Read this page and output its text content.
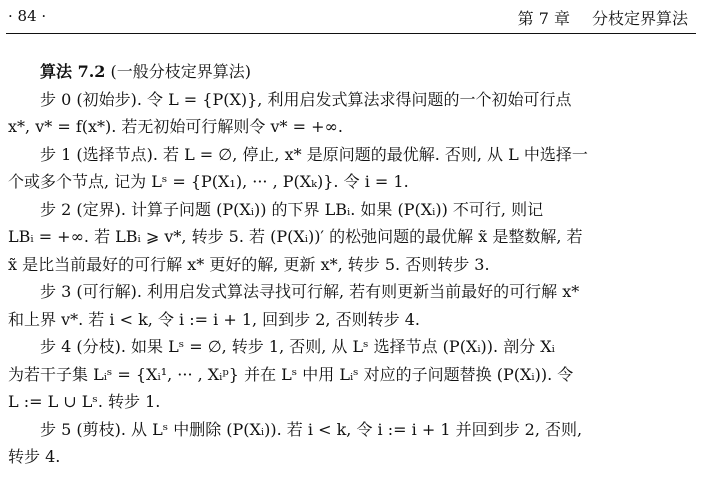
· 84 ·	第 7 章 分枝定界算法
算法 7.2 (一般分枝定界算法)
步 0 (初始步). 令 L = {P(X)}, 利用启发式算法求得问题的一个初始可行点
x*, v* = f(x*). 若无初始可行解则令 v* = +∞.
步 1 (选择节点). 若 L = ∅, 停止, x* 是原问题的最优解. 否则, 从 L 中选择一
个或多个节点, 记为 Lˢ = {P(X₁), ··· , P(Xₖ)}. 令 i = 1.
步 2 (定界). 计算子问题 (P(Xᵢ)) 的下界 LBᵢ. 如果 (P(Xᵢ)) 不可行, 则记
LBᵢ = +∞. 若 LBᵢ ⩾ v*, 转步 5. 若 (P(Xᵢ))′ 的松弛问题的最优解 x̃ 是整数解, 若
x̃ 是比当前最好的可行解 x* 更好的解, 更新 x*, 转步 5. 否则转步 3.
步 3 (可行解). 利用启发式算法寻找可行解, 若有则更新当前最好的可行解 x*
和上界 v*. 若 i < k, 令 i := i + 1, 回到步 2, 否则转步 4.
步 4 (分枝). 如果 Lˢ = ∅, 转步 1, 否则, 从 Lˢ 选择节点 (P(Xᵢ)). 剖分 Xᵢ
为若干子集 Lᵢˢ = {Xᵢ¹, ··· , Xᵢᵖ} 并在 Lˢ 中用 Lᵢˢ 对应的子问题替换 (P(Xᵢ)). 令
L := L ∪ Lˢ. 转步 1.
步 5 (剪枝). 从 Lˢ 中删除 (P(Xᵢ)). 若 i < k, 令 i := i + 1 并回到步 2, 否则,
转步 4.
